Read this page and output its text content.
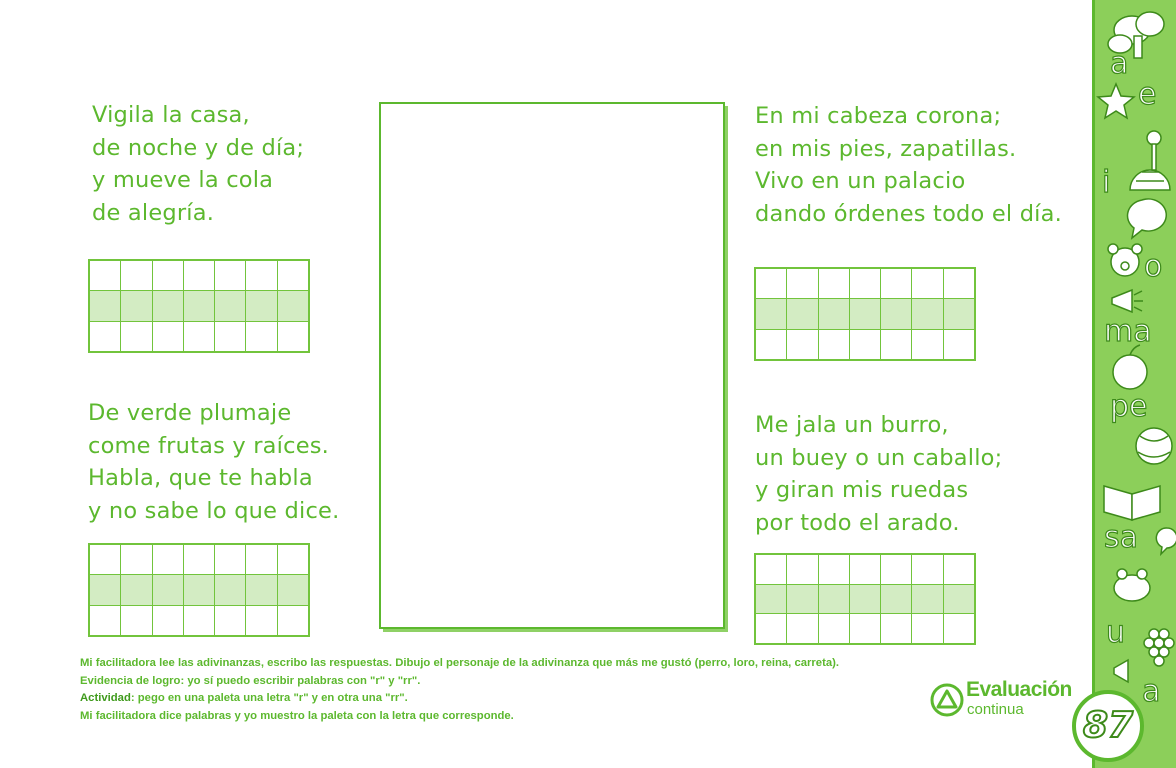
Vigila la casa,
de noche y de día;
y mueve la cola
de alegría.

De verde plumaje
come frutas y raíces.
Habla, que te habla
y no sabe lo que dice.

En mi cabeza corona;
en mis pies, zapatillas.
Vivo en un palacio
dando órdenes todo el día.

Me jala un burro,
un buey o un caballo;
y giran mis ruedas
por todo el arado.

Mi facilitadora lee las adivinanzas, escribo las respuestas. Dibujo el personaje de la adivinanza que más me gustó (perro, loro, reina, carreta).
Evidencia de logro: yo sí puedo escribir palabras con "r" y "rr".
Actividad: pego en una paleta una letra "r" y en otra una "rr".
Mi facilitadora dice palabras y yo muestro la paleta con la letra que corresponde.
Evaluación
continua
a
e
i
o
ma
pe
sa
u
a
87
